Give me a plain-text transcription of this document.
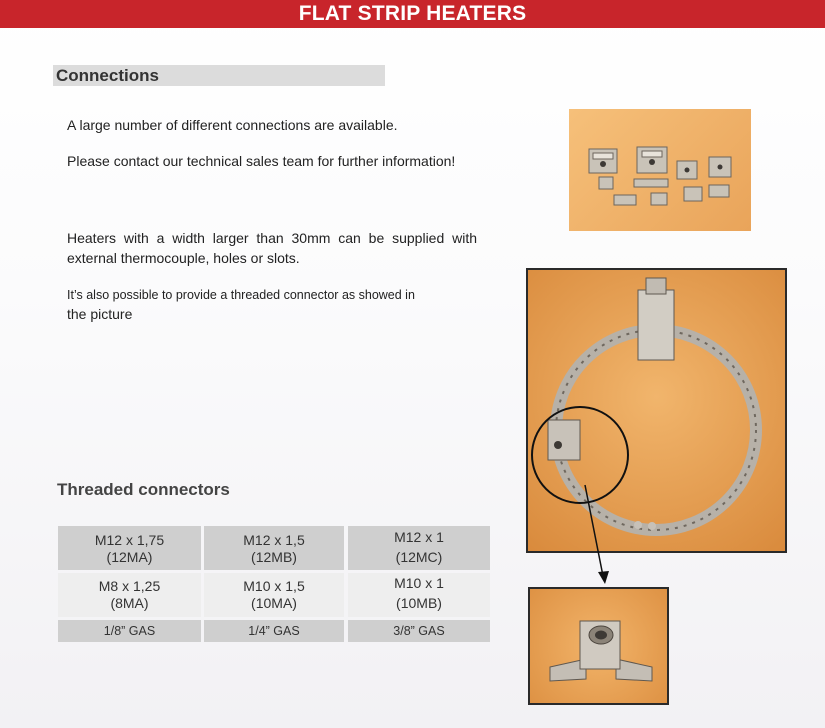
FLAT STRIP HEATERS
Connections
A large number of different connections are available.
Please contact our technical sales team for further information!
Heaters with a width larger than 30mm can be supplied with external thermocouple, holes or slots.
It’s also possible to provide a threaded connector as showed in
the picture
Threaded connectors
M12 x 1,75
(12MA)
M12 x 1,5
(12MB)
M12 x 1
(12MC)
M8 x 1,25
(8MA)
M10 x 1,5
(10MA)
M10 x 1
(10MB)
1/8” GAS	1/4” GAS	3/8” GAS
